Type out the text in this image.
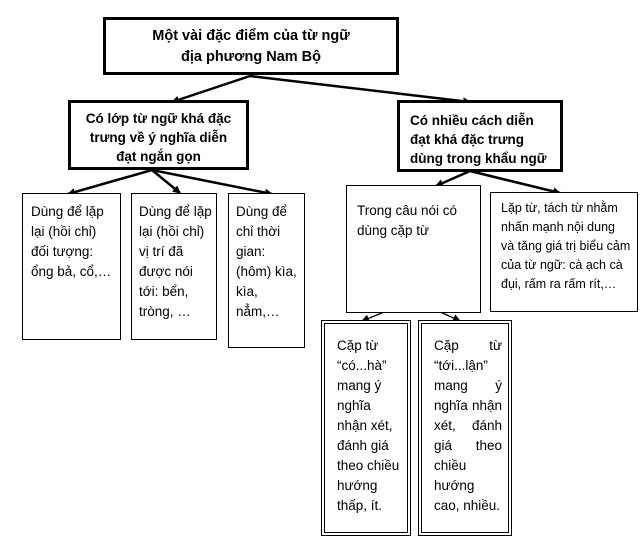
Một vài đặc điểm của từ ngữ
địa phương Nam Bộ
Có lớp từ ngữ khá đặc trưng về ý nghĩa diễn đạt ngắn gọn
Có nhiều cách diễn đạt khá đặc trưng dùng trong khẩu ngữ
Dùng để lặp lại (hồi chỉ) đối tượng: ổng bả, cổ,…
Dùng để lặp lại (hồi chỉ) vị trí đã được nói tới: bển, tròng, …
Dùng để chỉ thời gian: (hôm) kìa, kìa, nẳm,…
Trong câu nói có dùng cặp từ
Lặp từ, tách từ nhằm nhấn mạnh nội dung và tăng giá trị biểu cảm của từ ngữ: cà ạch cà đụi, rấm ra rấm rít,…
Cặp từ “có...hà” mang ý nghĩa nhận xét, đánh giá theo chiều hướng thấp, ít.
Cặp từ “tới...lận” mang ý nghĩa nhận xét, đánh giá theo chiều hướng cao, nhiều.
